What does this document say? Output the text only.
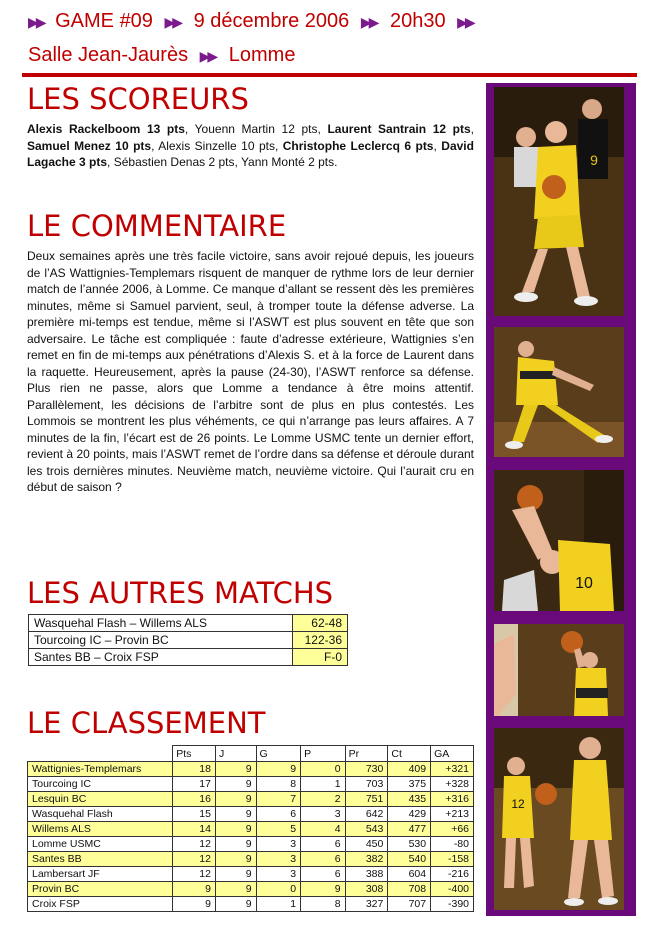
▶▶ GAME #09 ▶▶ 9 décembre 2006 ▶▶ 20h30 ▶▶
Salle Jean-Jaurès ▶▶ Lomme
LES SCOREURS
Alexis Rackelboom 13 pts, Youenn Martin 12 pts, Laurent Santrain 12 pts, Samuel Menez 10 pts, Alexis Sinzelle 10 pts, Christophe Leclercq 6 pts, David Lagache 3 pts, Sébastien Denas 2 pts, Yann Monté 2 pts.
LE COMMENTAIRE
Deux semaines après une très facile victoire, sans avoir rejoué depuis, les joueurs de l’AS Wattignies-Templemars risquent de manquer de rythme lors de leur dernier match de l’année 2006, à Lomme. Ce manque d’allant se ressent dès les premières minutes, même si Samuel parvient, seul, à tromper toute la défense adverse. La première mi-temps est tendue, même si l’ASWT est plus souvent en tête que son adversaire. Le tâche est compliquée : faute d’adresse extérieure, Wattignies s’en remet en fin de mi-temps aux pénétrations d’Alexis S. et à la force de Laurent dans la raquette. Heureusement, après la pause (24-30), l’ASWT renforce sa défense. Plus rien ne passe, alors que Lomme a tendance à être moins attentif. Parallèlement, les décisions de l’arbitre sont de plus en plus contestés. Les Lommois se montrent les plus véhéments, ce qui n’arrange pas leurs affaires. A 7 minutes de la fin, l’écart est de 26 points. Le Lomme USMC tente un dernier effort, revient à 20 points, mais l’ASWT remet de l’ordre dans sa défense et déroule durant les trois dernières minutes. Neuvième match, neuvième victoire. Qui l’aurait cru en début de saison ?
LES AUTRES MATCHS
Wasquehal Flash – Willems ALS	62-48
Tourcoing IC – Provin BC	122-36
Santes BB – Croix FSP	F-0
LE CLASSEMENT
	Pts	J	G	P	Pr	Ct	GA
Wattignies-Templemars	18	9	9	0	730	409	+321
Tourcoing IC	17	9	8	1	703	375	+328
Lesquin BC	16	9	7	2	751	435	+316
Wasquehal Flash	15	9	6	3	642	429	+213
Willems ALS	14	9	5	4	543	477	+66
Lomme USMC	12	9	3	6	450	530	-80
Santes BB	12	9	3	6	382	540	-158
Lambersart JF	12	9	3	6	388	604	-216
Provin BC	9	9	0	9	308	708	-400
Croix FSP	9	9	1	8	327	707	-390
9
10
12
